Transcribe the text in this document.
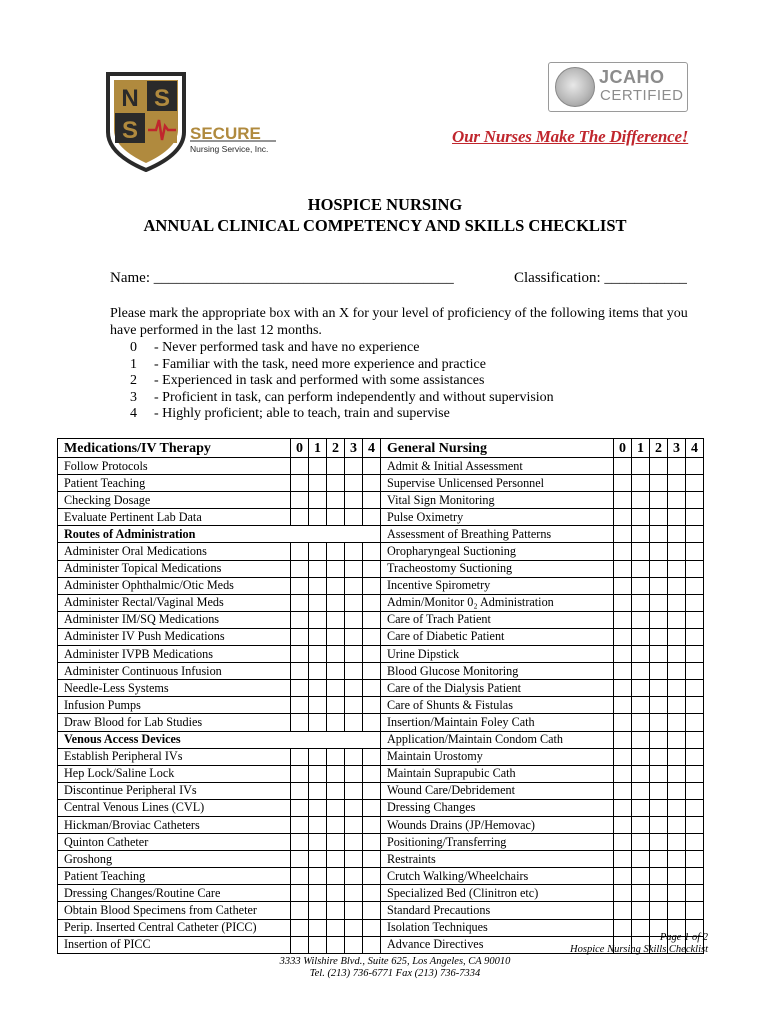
N S
S	SECURE
Nursing Service, Inc.
JCAHO
CERTIFIED
Our Nurses Make The Difference!
HOSPICE NURSING
ANNUAL CLINICAL COMPETENCY AND SKILLS CHECKLIST
Name: ________________________________________	Classification: ___________
Please mark the appropriate box with an X for your level of proficiency of the following items that you have performed in the last 12 months.
0 - Never performed task and have no experience
1 - Familiar with the task, need more experience and practice
2 - Experienced in task and performed with some assistances
3 - Proficient in task, can perform independently and without supervision
4 - Highly proficient; able to teach, train and supervise
Medications/IV Therapy	0	1	2	3	4	General Nursing	0	1	2	3	4
Follow Protocols						Admit & Initial Assessment					
Patient Teaching						Supervise Unlicensed Personnel					
Checking Dosage						Vital Sign Monitoring					
Evaluate Pertinent Lab Data						Pulse Oximetry					
Routes of Administration						Assessment of Breathing Patterns					
Administer Oral Medications						Oropharyngeal Suctioning					
Administer Topical Medications						Tracheostomy Suctioning					
Administer Ophthalmic/Otic Meds						Incentive Spirometry					
Administer Rectal/Vaginal Meds						Admin/Monitor 0₂ Administration					
Administer IM/SQ Medications						Care of Trach Patient					
Administer IV Push Medications						Care of Diabetic Patient					
Administer IVPB Medications						Urine Dipstick					
Administer Continuous Infusion						Blood Glucose Monitoring					
Needle-Less Systems						Care of the Dialysis Patient					
Infusion Pumps						Care of Shunts & Fistulas					
Draw Blood for Lab Studies						Insertion/Maintain Foley Cath					
Venous Access Devices						Application/Maintain Condom Cath					
Establish Peripheral IVs						Maintain Urostomy					
Hep Lock/Saline Lock						Maintain Suprapubic Cath					
Discontinue Peripheral IVs						Wound Care/Debridement					
Central Venous Lines (CVL)						Dressing Changes					
Hickman/Broviac Catheters						Wounds Drains (JP/Hemovac)					
Quinton Catheter						Positioning/Transferring					
Groshong						Restraints					
Patient Teaching						Crutch Walking/Wheelchairs					
Dressing Changes/Routine Care						Specialized Bed (Clinitron etc)					
Obtain Blood Specimens from Catheter						Standard Precautions					
Perip. Inserted Central Catheter (PICC)						Isolation Techniques					
Insertion of PICC						Advance Directives						Page 1 of 2
Hospice Nursing Skills Checklist
3333 Wilshire Blvd., Suite 625, Los Angeles, CA 90010
Tel. (213) 736-6771 Fax (213) 736-7334
